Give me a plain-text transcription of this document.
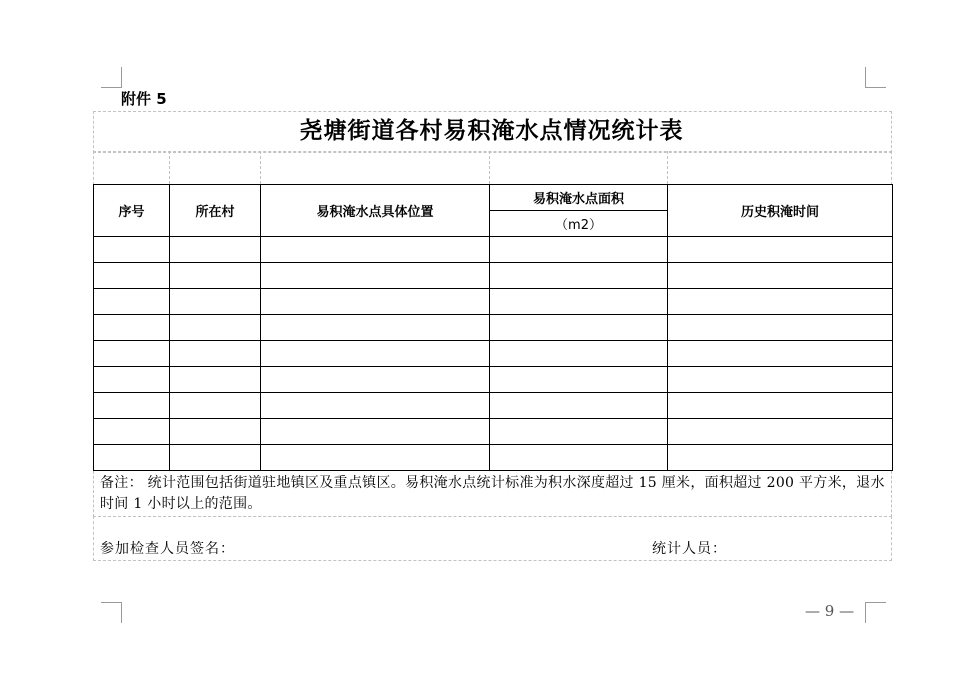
附件 5
尧塘街道各村易积淹水点情况统计表
序号	所在村	易积淹水点具体位置	易积淹水点面积	历史积淹时间
			（m2）	

备注： 统计范围包括街道驻地镇区及重点镇区。易积淹水点统计标准为积水深度超过 15 厘米，面积超过 200 平方米，退水时间 1 小时以上的范围。
参加检查人员签名：	统计人员：
— 9 —
